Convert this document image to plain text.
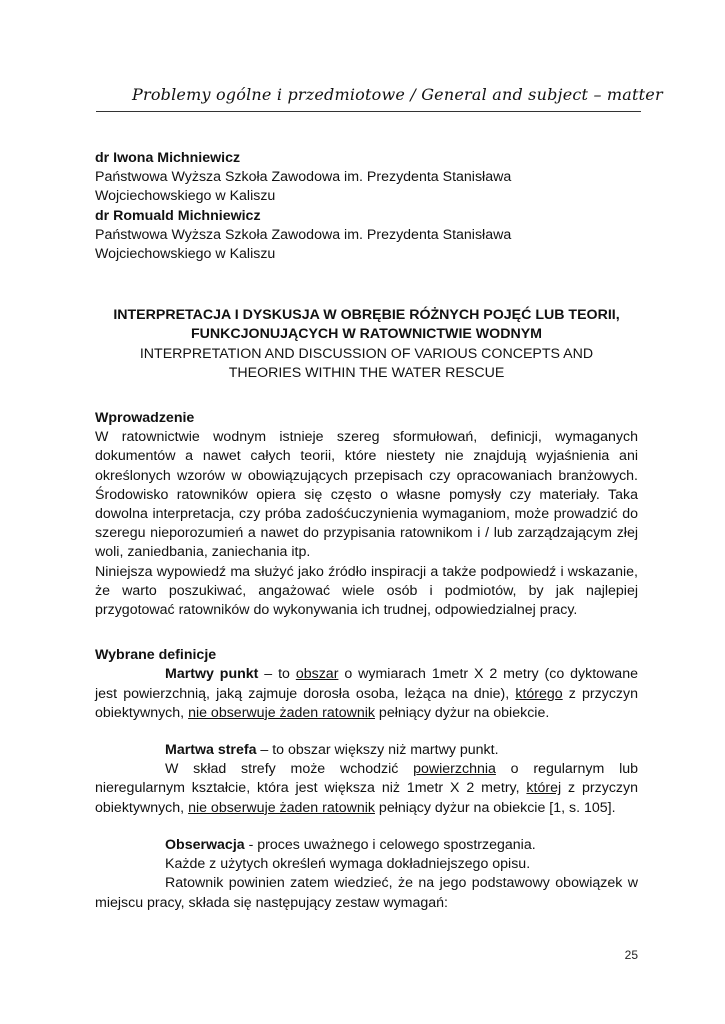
Problemy ogólne i przedmiotowe / General and subject – matter

dr Iwona Michniewicz

Państwowa Wyższa Szkoła Zawodowa im. Prezydenta Stanisława

Wojciechowskiego w Kaliszu

dr Romuald Michniewicz

Państwowa Wyższa Szkoła Zawodowa im. Prezydenta Stanisława

Wojciechowskiego w Kaliszu

INTERPRETACJA I DYSKUSJA W OBRĘBIE RÓŻNYCH POJĘĆ LUB TEORII,
FUNKCJONUJĄCYCH W RATOWNICTWIE WODNYM
INTERPRETATION AND DISCUSSION OF VARIOUS CONCEPTS AND
THEORIES WITHIN THE WATER RESCUE

Wprowadzenie

W ratownictwie wodnym istnieje szereg sformułowań, definicji, wymaganych dokumentów a nawet całych teorii, które niestety nie znajdują wyjaśnienia ani określonych wzorów w obowiązujących przepisach czy opracowaniach branżowych. Środowisko ratowników opiera się często o własne pomysły czy materiały. Taka dowolna interpretacja, czy próba zadośćuczynienia wymaganiom, może prowadzić do szeregu nieporozumień a nawet do przypisania ratownikom i / lub zarządzającym złej woli, zaniedbania, zaniechania itp.

Niniejsza wypowiedź ma służyć jako źródło inspiracji a także podpowiedź i wskazanie, że warto poszukiwać, angażować wiele osób i podmiotów, by jak najlepiej przygotować ratowników do wykonywania ich trudnej, odpowiedzialnej pracy.

Wybrane definicje

Martwy punkt – to obszar o wymiarach 1metr X 2 metry (co dyktowane jest powierzchnią, jaką zajmuje dorosła osoba, leżąca na dnie), którego z przyczyn obiektywnych, nie obserwuje żaden ratownik pełniący dyżur na obiekcie.

Martwa strefa – to obszar większy niż martwy punkt.

W skład strefy może wchodzić powierzchnia o regularnym lub nieregularnym kształcie, która jest większa niż 1metr X 2 metry, której z przyczyn obiektywnych, nie obserwuje żaden ratownik pełniący dyżur na obiekcie [1, s. 105].

Obserwacja - proces uważnego i celowego spostrzegania.

Każde z użytych określeń wymaga dokładniejszego opisu.

Ratownik powinien zatem wiedzieć, że na jego podstawowy obowiązek w miejscu pracy, składa się następujący zestaw wymagań:

25
